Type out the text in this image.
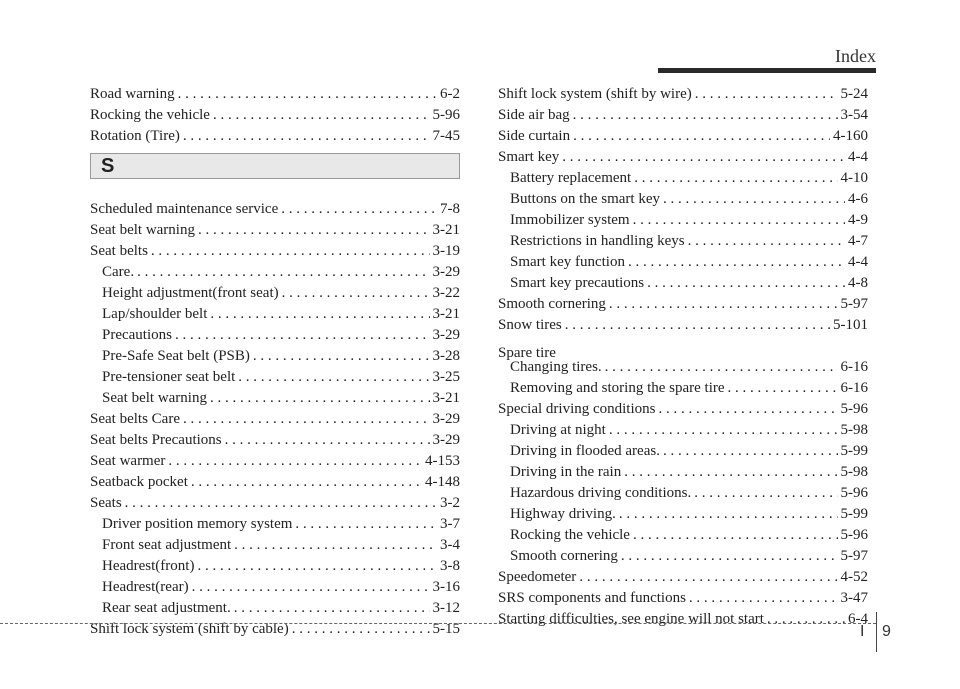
Index
Road warning . . .	6-2
Rocking the vehicle . . .	5-96
Rotation (Tire) . . .	7-45
S
Scheduled maintenance service . . .	7-8
Seat belt warning . . .	3-21
Seat belts . . .	3-19
Care. . . .	3-29
Height adjustment(front seat) . . .	3-22
Lap/shoulder belt . . .	3-21
Precautions . . .	3-29
Pre-Safe Seat belt (PSB) . . .	3-28
Pre-tensioner seat belt . . .	3-25
Seat belt warning . . .	3-21
Seat belts Care . . .	3-29
Seat belts Precautions . . .	3-29
Seat warmer . . .	4-153
Seatback pocket . . .	4-148
Seats . . .	3-2
Driver position memory system . . .	3-7
Front seat adjustment . . .	3-4
Headrest(front) . . .	3-8
Headrest(rear) . . .	3-16
Rear seat adjustment. . . .	3-12
Shift lock system (shift by cable) . . .	5-15
Shift lock system (shift by wire) . . .	5-24
Side air bag . . .	3-54
Side curtain . . .	4-160
Smart key . . .	4-4
Battery replacement . . .	4-10
Buttons on the smart key . . .	4-6
Immobilizer system . . .	4-9
Restrictions in handling keys . . .	4-7
Smart key function . . .	4-4
Smart key precautions . . .	4-8
Smooth cornering . . .	5-97
Snow tires . . .	5-101
Spare tire
Changing tires. . . .	6-16
Removing and storing the spare tire . . .	6-16
Special driving conditions . . .	5-96
Driving at night . . .	5-98
Driving in flooded areas. . . .	5-99
Driving in the rain . . .	5-98
Hazardous driving conditions. . . .	5-96
Highway driving. . . .	5-99
Rocking the vehicle . . .	5-96
Smooth cornering . . .	5-97
Speedometer . . .	4-52
SRS components and functions . . .	3-47
Starting difficulties, see engine will not start . . .	6-4
I 9
